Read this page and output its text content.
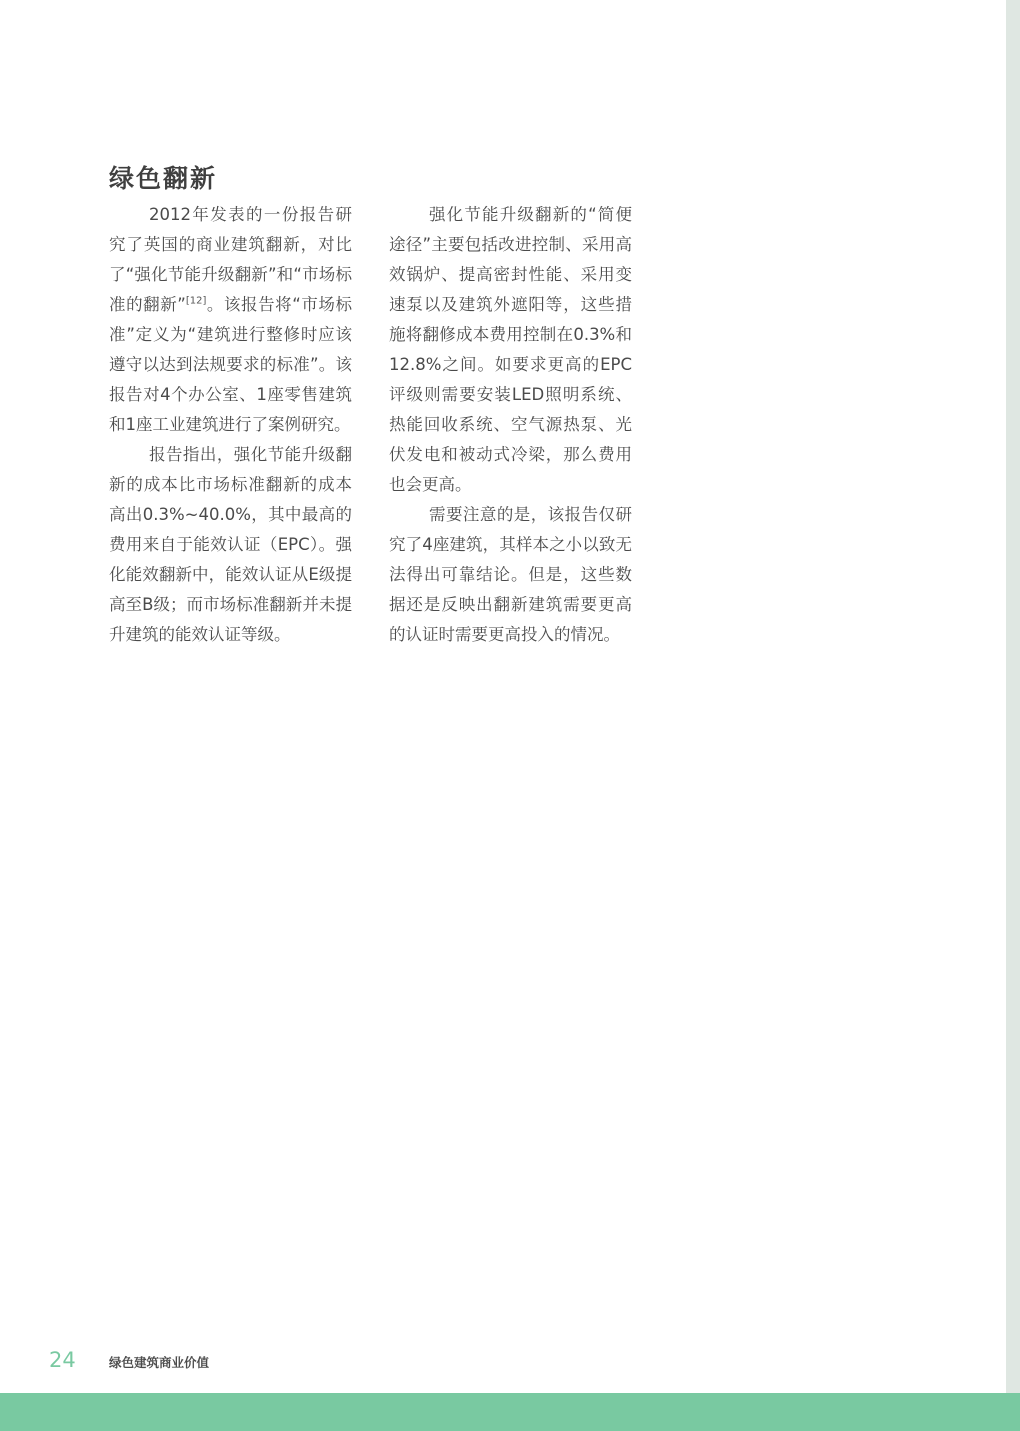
绿色翻新

2012年发表的一份报告研究了英国的商业建筑翻新，对比了“强化节能升级翻新”和“市场标准的翻新”[12]。该报告将“市场标准”定义为“建筑进行整修时应该遵守以达到法规要求的标准”。该报告对4个办公室、1座零售建筑和1座工业建筑进行了案例研究。

报告指出，强化节能升级翻新的成本比市场标准翻新的成本高出0.3%~40.0%，其中最高的费用来自于能效认证（EPC）。强化能效翻新中，能效认证从E级提高至B级；而市场标准翻新并未提升建筑的能效认证等级。

强化节能升级翻新的“简便途径”主要包括改进控制、采用高效锅炉、提高密封性能、采用变速泵以及建筑外遮阳等，这些措施将翻修成本费用控制在0.3%和12.8%之间。如要求更高的EPC评级则需要安装LED照明系统、热能回收系统、空气源热泵、光伏发电和被动式冷梁，那么费用也会更高。

需要注意的是，该报告仅研究了4座建筑，其样本之小以致无法得出可靠结论。但是，这些数据还是反映出翻新建筑需要更高的认证时需要更高投入的情况。

24	绿色建筑商业价值
